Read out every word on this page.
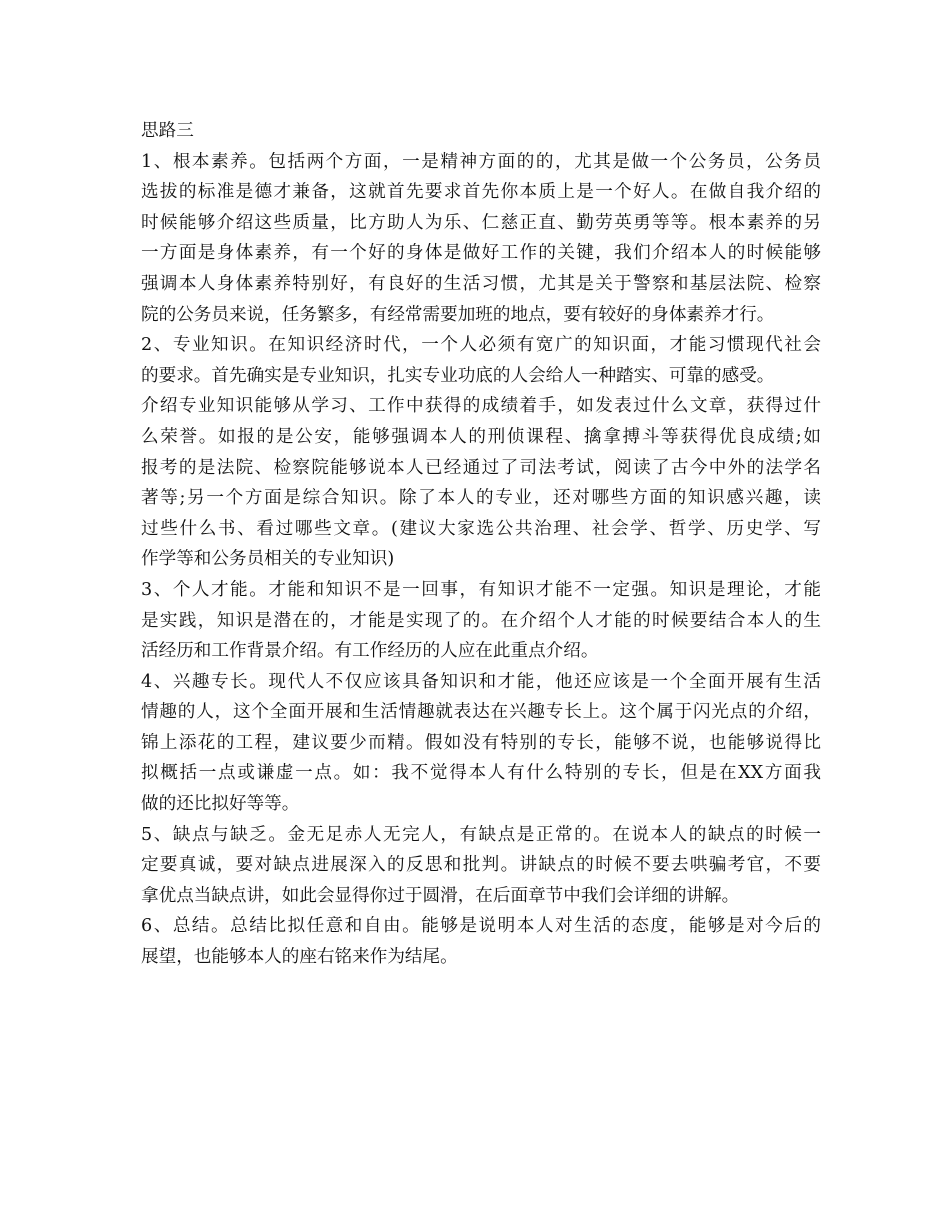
思路三
1、根本素养。包括两个方面，一是精神方面的的，尤其是做一个公务员，公务员
选拔的标准是德才兼备，这就首先要求首先你本质上是一个好人。在做自我介绍的
时候能够介绍这些质量，比方助人为乐、仁慈正直、勤劳英勇等等。根本素养的另
一方面是身体素养，有一个好的身体是做好工作的关键，我们介绍本人的时候能够
强调本人身体素养特别好，有良好的生活习惯，尤其是关于警察和基层法院、检察
院的公务员来说，任务繁多，有经常需要加班的地点，要有较好的身体素养才行。
2、专业知识。在知识经济时代，一个人必须有宽广的知识面，才能习惯现代社会
的要求。首先确实是专业知识，扎实专业功底的人会给人一种踏实、可靠的感受。
介绍专业知识能够从学习、工作中获得的成绩着手，如发表过什么文章，获得过什
么荣誉。如报的是公安，能够强调本人的刑侦课程、擒拿搏斗等获得优良成绩;如
报考的是法院、检察院能够说本人已经通过了司法考试，阅读了古今中外的法学名
著等;另一个方面是综合知识。除了本人的专业，还对哪些方面的知识感兴趣，读
过些什么书、看过哪些文章。(建议大家选公共治理、社会学、哲学、历史学、写
作学等和公务员相关的专业知识)
3、个人才能。才能和知识不是一回事，有知识才能不一定强。知识是理论，才能
是实践，知识是潜在的，才能是实现了的。在介绍个人才能的时候要结合本人的生
活经历和工作背景介绍。有工作经历的人应在此重点介绍。
4、兴趣专长。现代人不仅应该具备知识和才能，他还应该是一个全面开展有生活
情趣的人，这个全面开展和生活情趣就表达在兴趣专长上。这个属于闪光点的介绍，
锦上添花的工程，建议要少而精。假如没有特别的专长，能够不说，也能够说得比
拟概括一点或谦虚一点。如：我不觉得本人有什么特别的专长，但是在XX方面我
做的还比拟好等等。
5、缺点与缺乏。金无足赤人无完人，有缺点是正常的。在说本人的缺点的时候一
定要真诚，要对缺点进展深入的反思和批判。讲缺点的时候不要去哄骗考官，不要
拿优点当缺点讲，如此会显得你过于圆滑，在后面章节中我们会详细的讲解。
6、总结。总结比拟任意和自由。能够是说明本人对生活的态度，能够是对今后的
展望，也能够本人的座右铭来作为结尾。
